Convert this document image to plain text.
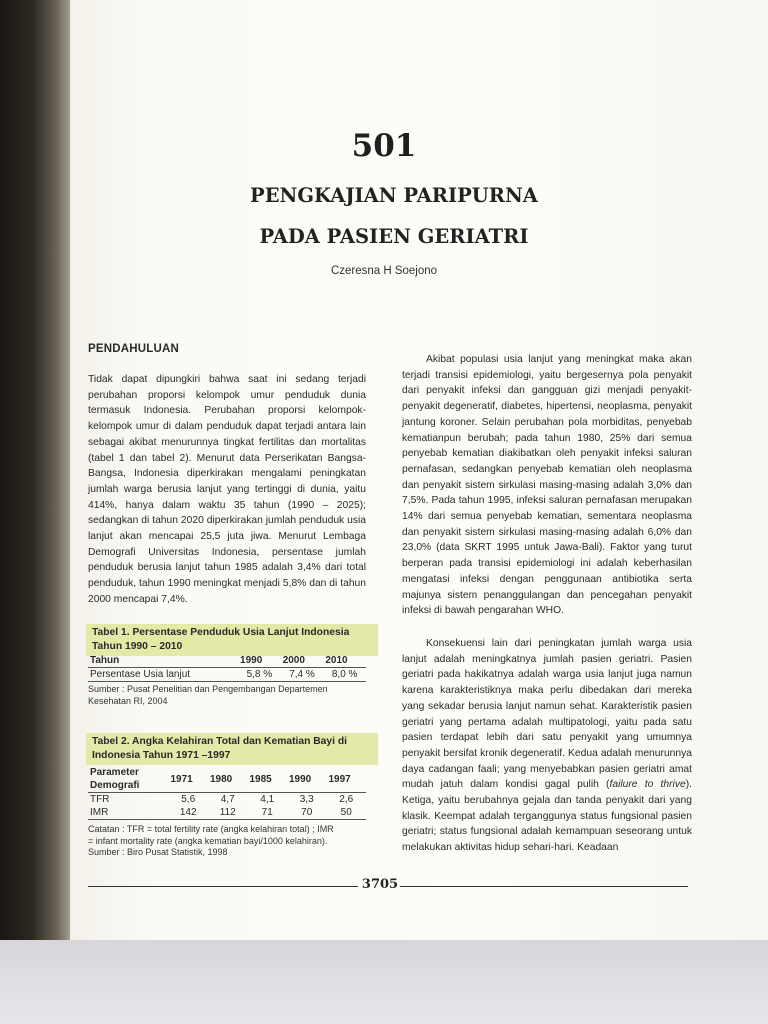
501
PENGKAJIAN PARIPURNA
PADA PASIEN GERIATRI
Czeresna H Soejono
PENDAHULUAN

Tidak dapat dipungkiri bahwa saat ini sedang terjadi perubahan proporsi kelompok umur penduduk dunia termasuk Indonesia. Perubahan proporsi kelompok-kelompok umur di dalam penduduk dapat terjadi antara lain sebagai akibat menurunnya tingkat fertilitas dan mortalitas (tabel 1 dan tabel 2). Menurut data Perserikatan Bangsa-Bangsa, Indonesia diperkirakan mengalami peningkatan jumlah warga berusia lanjut yang tertinggi di dunia, yaitu 414%, hanya dalam waktu 35 tahun (1990 – 2025); sedangkan di tahun 2020 diperkirakan jumlah penduduk usia lanjut akan mencapai 25,5 juta jiwa. Menurut Lembaga Demografi Universitas Indonesia, persentase jumlah penduduk berusia lanjut tahun 1985 adalah 3,4% dari total penduduk, tahun 1990 meningkat menjadi 5,8% dan di tahun 2000 mencapai 7,4%.

Tabel 1. Persentase Penduduk Usia Lanjut Indonesia Tahun 1990 – 2010
Tahun	1990	2000	2010
Persentase Usia lanjut	5,8 %	7,4 %	8,0 %
Sumber : Pusat Penelitian dan Pengembangan Departemen Kesehatan RI, 2004
Tabel 2. Angka Kelahiran Total dan Kematian Bayi di Indonesia Tahun 1971 –1997
Parameter
Demografi	1971	1980	1985	1990	1997
TFR	5,6	4,7	4,1	3,3	2,6
IMR	142	112	71	70	50
Catatan : TFR = total fertility rate (angka kelahiran total) ; IMR
= infant mortality rate (angka kematian bayi/1000 kelahiran).
Sumber : Biro Pusat Statistik, 1998

Akibat populasi usia lanjut yang meningkat maka akan terjadi transisi epidemiologi, yaitu bergesernya pola penyakit dari penyakit infeksi dan gangguan gizi menjadi penyakit-penyakit degeneratif, diabetes, hipertensi, neoplasma, penyakit jantung koroner. Selain perubahan pola morbiditas, penyebab kematianpun berubah; pada tahun 1980, 25% dari semua penyebab kematian diakibatkan oleh penyakit infeksi saluran pernafasan, sedangkan penyebab kematian oleh neoplasma dan penyakit sistem sirkulasi masing-masing adalah 3,0% dan 7,5%. Pada tahun 1995, infeksi saluran pernafasan merupakan 14% dari semua penyebab kematian, sementara neoplasma dan penyakit sistem sirkulasi masing-masing adalah 6,0% dan 23,0% (data SKRT 1995 untuk Jawa-Bali). Faktor yang turut berperan pada transisi epidemiologi ini adalah keberhasilan mengatasi infeksi dengan penggunaan antibiotika serta majunya sistem penanggulangan dan pencegahan penyakit infeksi di bawah pengarahan WHO.

Konsekuensi lain dari peningkatan jumlah warga usia lanjut adalah meningkatnya jumlah pasien geriatri. Pasien geriatri pada hakikatnya adalah warga usia lanjut juga namun karena karakteristiknya maka perlu dibedakan dari mereka yang sekadar berusia lanjut namun sehat. Karakteristik pasien geriatri yang pertama adalah multipatologi, yaitu pada satu pasien terdapat lebih dari satu penyakit yang umumnya penyakit bersifat kronik degeneratif. Kedua adalah menurunnya daya cadangan faali; yang menyebabkan pasien geriatri amat mudah jatuh dalam kondisi gagal pulih (failure to thrive). Ketiga, yaitu berubahnya gejala dan tanda penyakit dari yang klasik. Keempat adalah terganggunya status fungsional pasien geriatri; status fungsional adalah kemampuan seseorang untuk melakukan aktivitas hidup sehari-hari. Keadaan

3705
